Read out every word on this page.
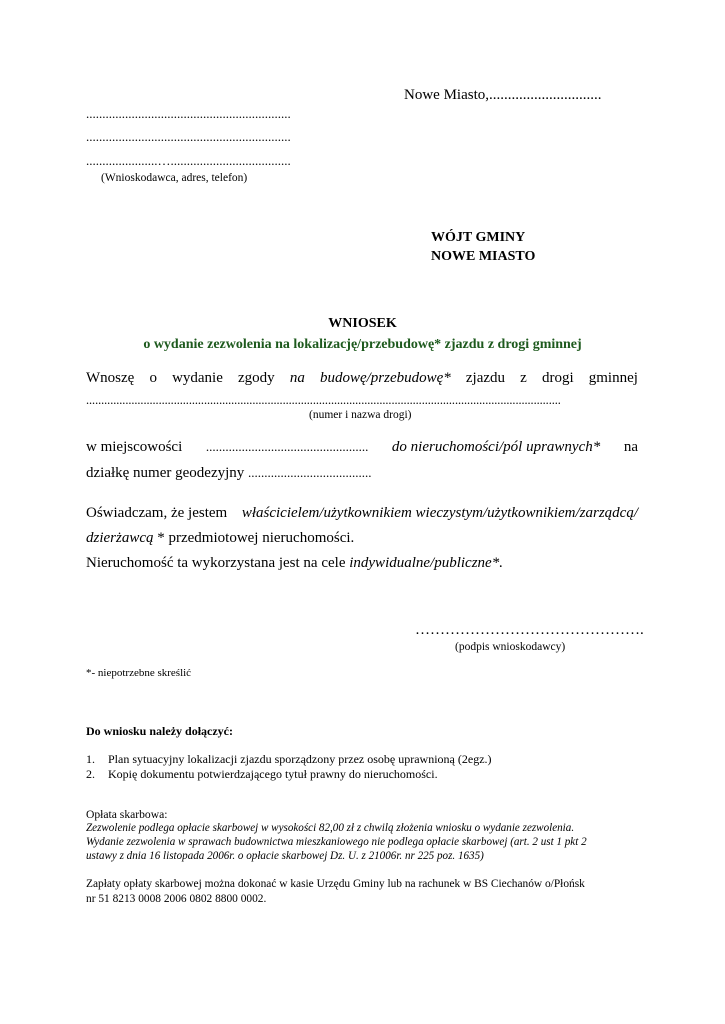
Nowe Miasto,..............................
...............................................................
...............................................................
......................….....................................
(Wnioskodawca, adres, telefon)
WÓJT GMINY
NOWE MIASTO
WNIOSEK
o wydanie zezwolenia na lokalizację/przebudowę* zjazdu z drogi gminnej
Wnoszę o wydanie zgody na budowę/przebudowę* zjazdu z drogi gminnej
.............................................................................................................................................................
(numer i nazwa drogi)
w miejscowości .................................................. do nieruchomości/pól uprawnych* na
działkę numer geodezyjny ......................................
Oświadczam, że jestem właścicielem/użytkownikiem wieczystym/użytkownikiem/zarządcą/
dzierżawcą * przedmiotowej nieruchomości.
Nieruchomość ta wykorzystana jest na cele indywidualne/publiczne*.
……………………………………….
(podpis wnioskodawcy)
*- niepotrzebne skreślić
Do wniosku należy dołączyć:
1. Plan sytuacyjny lokalizacji zjazdu sporządzony przez osobę uprawnioną (2egz.)
2. Kopię dokumentu potwierdzającego tytuł prawny do nieruchomości.
Opłata skarbowa:
Zezwolenie podlega opłacie skarbowej w wysokości 82,00 zł z chwilą złożenia wniosku o wydanie zezwolenia.
Wydanie zezwolenia w sprawach budownictwa mieszkaniowego nie podlega opłacie skarbowej (art. 2 ust 1 pkt 2
ustawy z dnia 16 listopada 2006r. o opłacie skarbowej Dz. U. z 21006r. nr 225 poz. 1635)
Zapłaty opłaty skarbowej można dokonać w kasie Urzędu Gminy lub na rachunek w BS Ciechanów o/Płońsk
nr 51 8213 0008 2006 0802 8800 0002.
